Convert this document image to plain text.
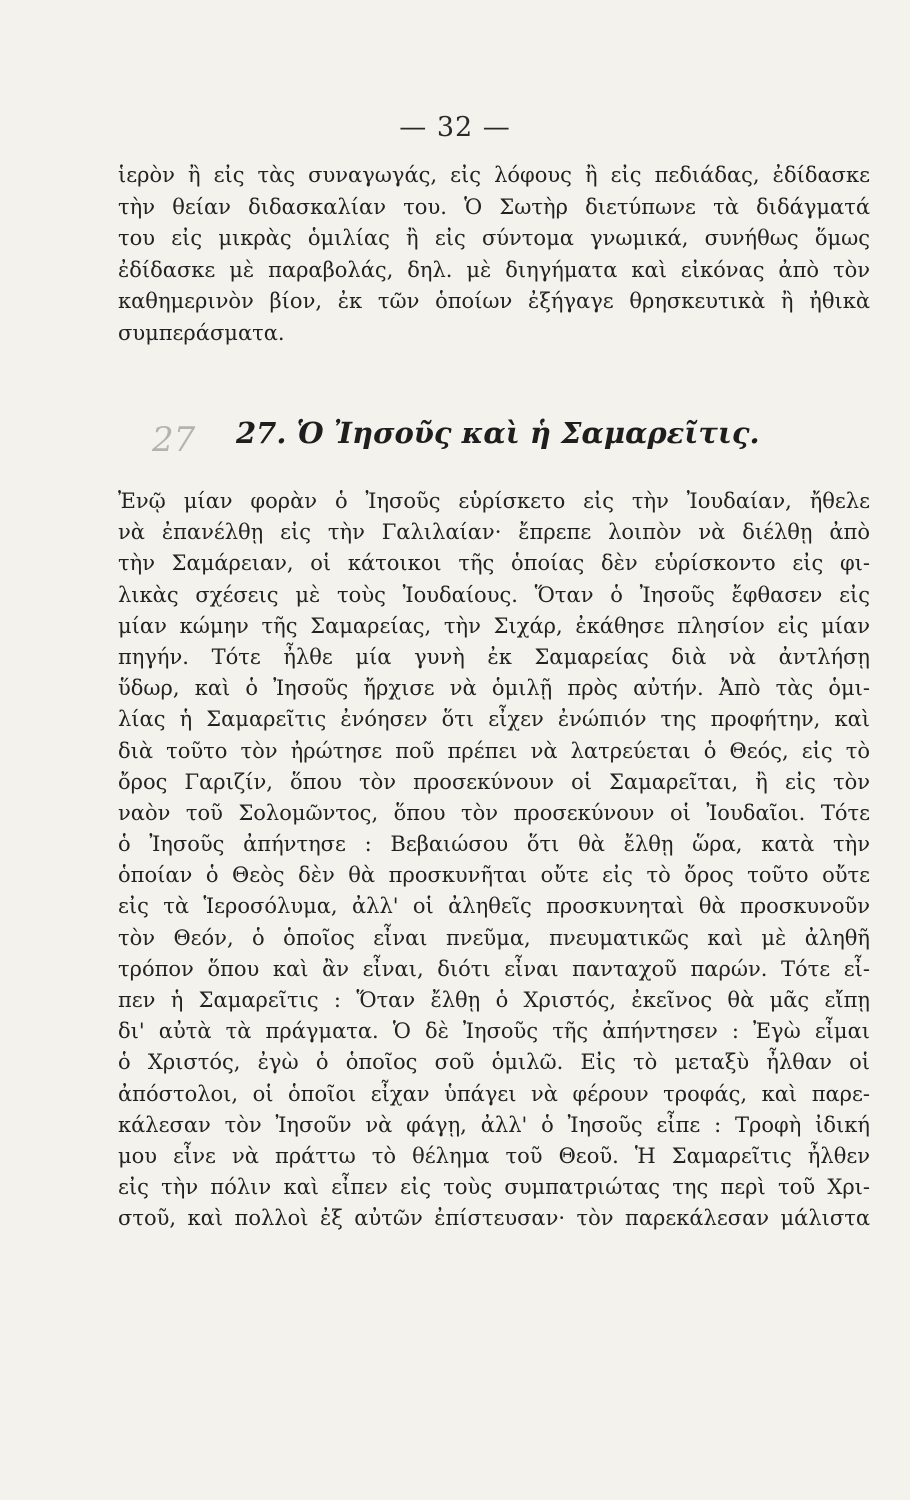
— 32 —
ἱερὸν ἢ εἰς τὰς συναγωγάς, εἰς λόφους ἢ εἰς πεδιάδας, ἐδίδασκε
τὴν θείαν διδασκαλίαν του. Ὁ Σωτὴρ διετύπωνε τὰ διδάγματά
του εἰς μικρὰς ὁμιλίας ἢ εἰς σύντομα γνωμικά, συνήθως ὅμως
ἐδίδασκε μὲ παραβολάς, δηλ. μὲ διηγήματα καὶ εἰκόνας ἀπὸ τὸν
καθημερινὸν βίον, ἐκ τῶν ὁποίων ἐξήγαγε θρησκευτικὰ ἢ ἠθικὰ
συμπεράσματα.
27 27. Ὁ Ἰησοῦς καὶ ἡ Σαμαρεῖτις.
Ἐνῷ μίαν φορὰν ὁ Ἰησοῦς εὑρίσκετο εἰς τὴν Ἰουδαίαν, ἤθελε
νὰ ἐπανέλθῃ εἰς τὴν Γαλιλαίαν· ἔπρεπε λοιπὸν νὰ διέλθῃ ἀπὸ
τὴν Σαμάρειαν, οἱ κάτοικοι τῆς ὁποίας δὲν εὑρίσκοντο εἰς φι-
λικὰς σχέσεις μὲ τοὺς Ἰουδαίους. Ὅταν ὁ Ἰησοῦς ἔφθασεν εἰς
μίαν κώμην τῆς Σαμαρείας, τὴν Σιχάρ, ἐκάθησε πλησίον εἰς μίαν
πηγήν. Τότε ἦλθε μία γυνὴ ἐκ Σαμαρείας διὰ νὰ ἀντλήσῃ
ὕδωρ, καὶ ὁ Ἰησοῦς ἤρχισε νὰ ὁμιλῇ πρὸς αὐτήν. Ἀπὸ τὰς ὁμι-
λίας ἡ Σαμαρεῖτις ἐνόησεν ὅτι εἶχεν ἐνώπιόν της προφήτην, καὶ
διὰ τοῦτο τὸν ἠρώτησε ποῦ πρέπει νὰ λατρεύεται ὁ Θεός, εἰς τὸ
ὄρος Γαριζίν, ὅπου τὸν προσεκύνουν οἱ Σαμαρεῖται, ἢ εἰς τὸν
ναὸν τοῦ Σολομῶντος, ὅπου τὸν προσεκύνουν οἱ Ἰουδαῖοι. Τότε
ὁ Ἰησοῦς ἀπήντησε : Βεβαιώσου ὅτι θὰ ἔλθῃ ὥρα, κατὰ τὴν
ὁποίαν ὁ Θεὸς δὲν θὰ προσκυνῆται οὔτε εἰς τὸ ὄρος τοῦτο οὔτε
εἰς τὰ Ἱεροσόλυμα, ἀλλ' οἱ ἀληθεῖς προσκυνηταὶ θὰ προσκυνοῦν
τὸν Θεόν, ὁ ὁποῖος εἶναι πνεῦμα, πνευματικῶς καὶ μὲ ἀληθῆ
τρόπον ὅπου καὶ ἂν εἶναι, διότι εἶναι πανταχοῦ παρών. Τότε εἶ-
πεν ἡ Σαμαρεῖτις : Ὅταν ἔλθῃ ὁ Χριστός, ἐκεῖνος θὰ μᾶς εἴπῃ
δι' αὐτὰ τὰ πράγματα. Ὁ δὲ Ἰησοῦς τῆς ἀπήντησεν : Ἐγὼ εἶμαι
ὁ Χριστός, ἐγὼ ὁ ὁποῖος σοῦ ὁμιλῶ. Εἰς τὸ μεταξὺ ἦλθαν οἱ
ἀπόστολοι, οἱ ὁποῖοι εἶχαν ὑπάγει νὰ φέρουν τροφάς, καὶ παρε-
κάλεσαν τὸν Ἰησοῦν νὰ φάγῃ, ἀλλ' ὁ Ἰησοῦς εἶπε : Τροφὴ ἰδική
μου εἶνε νὰ πράττω τὸ θέλημα τοῦ Θεοῦ. Ἡ Σαμαρεῖτις ἦλθεν
εἰς τὴν πόλιν καὶ εἶπεν εἰς τοὺς συμπατριώτας της περὶ τοῦ Χρι-
στοῦ, καὶ πολλοὶ ἐξ αὐτῶν ἐπίστευσαν· τὸν παρεκάλεσαν μάλιστα
